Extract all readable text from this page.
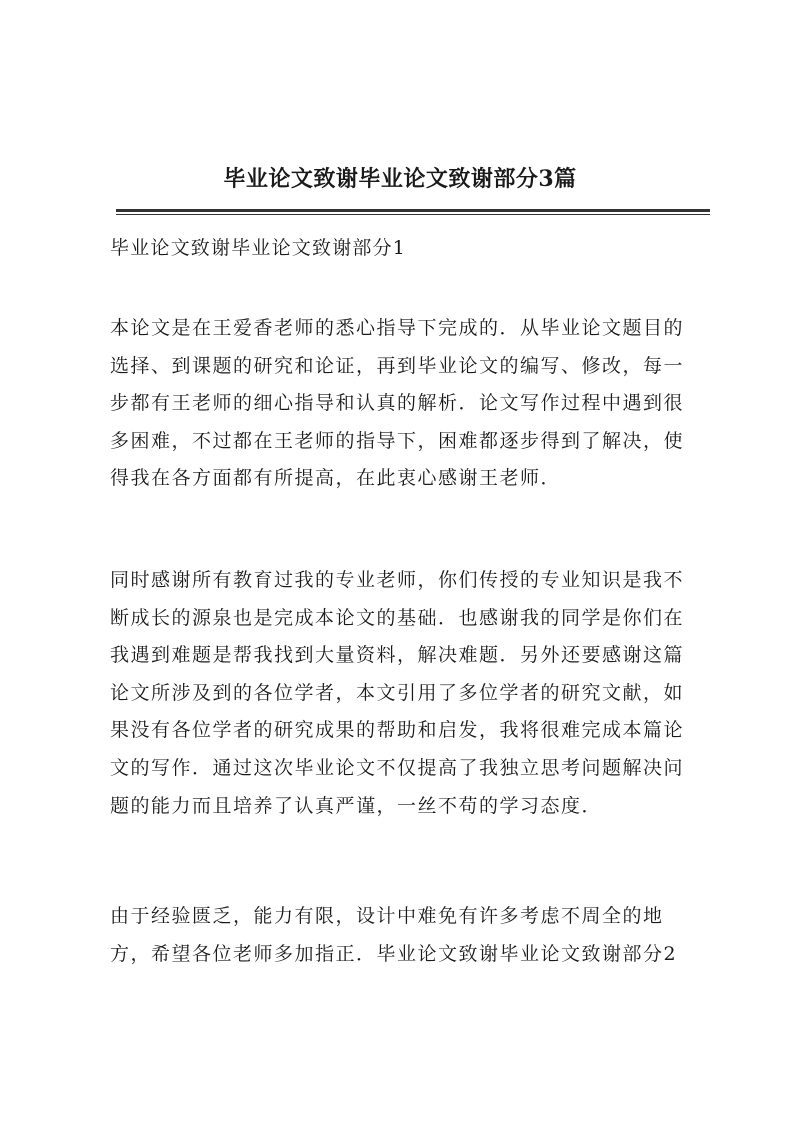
毕业论文致谢毕业论文致谢部分3篇
毕业论文致谢毕业论文致谢部分1

本论文是在王爱香老师的悉心指导下完成的．从毕业论文题目的
选择、到课题的研究和论证，再到毕业论文的编写、修改，每一
步都有王老师的细心指导和认真的解析．论文写作过程中遇到很
多困难，不过都在王老师的指导下，困难都逐步得到了解决，使
得我在各方面都有所提高，在此衷心感谢王老师．

同时感谢所有教育过我的专业老师，你们传授的专业知识是我不
断成长的源泉也是完成本论文的基础．也感谢我的同学是你们在
我遇到难题是帮我找到大量资料，解决难题．另外还要感谢这篇
论文所涉及到的各位学者，本文引用了多位学者的研究文献，如
果没有各位学者的研究成果的帮助和启发，我将很难完成本篇论
文的写作．通过这次毕业论文不仅提高了我独立思考问题解决问
题的能力而且培养了认真严谨，一丝不苟的学习态度．

由于经验匮乏，能力有限，设计中难免有许多考虑不周全的地
方，希望各位老师多加指正．毕业论文致谢毕业论文致谢部分2
